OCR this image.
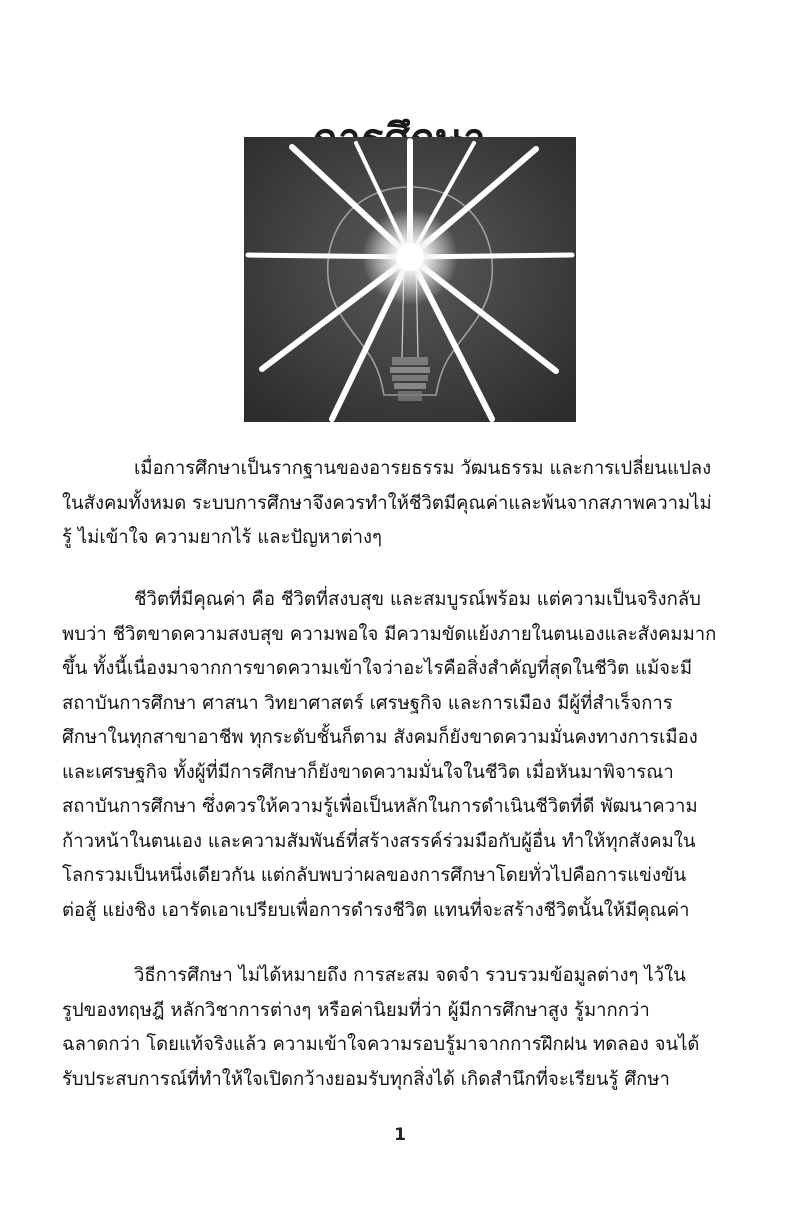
เมื่อการศึกษาเป็นรากฐานของอารยธรรม วัฒนธรรม และการเปลี่ยนแปลง
ในสังคมทั้งหมด ระบบการศึกษาจึงควรทำให้ชีวิตมีคุณค่าและพ้นจากสภาพความไม่
รู้ ไม่เข้าใจ ความยากไร้ และปัญหาต่างๆ

ชีวิตที่มีคุณค่า คือ ชีวิตที่สงบสุข และสมบูรณ์พร้อม แต่ความเป็นจริงกลับ
พบว่า ชีวิตขาดความสงบสุข ความพอใจ มีความขัดแย้งภายในตนเองและสังคมมาก
ขึ้น ทั้งนี้เนื่องมาจากการขาดความเข้าใจว่าอะไรคือสิ่งสำคัญที่สุดในชีวิต แม้จะมี
สถาบันการศึกษา ศาสนา วิทยาศาสตร์ เศรษฐกิจ และการเมือง มีผู้ที่สำเร็จการ
ศึกษาในทุกสาขาอาชีพ ทุกระดับชั้นก็ตาม สังคมก็ยังขาดความมั่นคงทางการเมือง
และเศรษฐกิจ ทั้งผู้ที่มีการศึกษาก็ยังขาดความมั่นใจในชีวิต เมื่อหันมาพิจารณา
สถาบันการศึกษา ซึ่งควรให้ความรู้เพื่อเป็นหลักในการดำเนินชีวิตที่ดี พัฒนาความ
ก้าวหน้าในตนเอง และความสัมพันธ์ที่สร้างสรรค์ร่วมมือกับผู้อื่น ทำให้ทุกสังคมใน
โลกรวมเป็นหนึ่งเดียวกัน แต่กลับพบว่าผลของการศึกษาโดยทั่วไปคือการแข่งขัน
ต่อสู้ แย่งชิง เอารัดเอาเปรียบเพื่อการดำรงชีวิต แทนที่จะสร้างชีวิตนั้นให้มีคุณค่า

วิธีการศึกษา ไม่ได้หมายถึง การสะสม จดจำ รวบรวมข้อมูลต่างๆ ไว้ใน
รูปของทฤษฎี หลักวิชาการต่างๆ หรือค่านิยมที่ว่า ผู้มีการศึกษาสูง รู้มากกว่า
ฉลาดกว่า โดยแท้จริงแล้ว ความเข้าใจความรอบรู้มาจากการฝึกฝน ทดลอง จนได้
รับประสบการณ์ที่ทำให้ใจเปิดกว้างยอมรับทุกสิ่งได้ เกิดสำนึกที่จะเรียนรู้ ศึกษา

1
